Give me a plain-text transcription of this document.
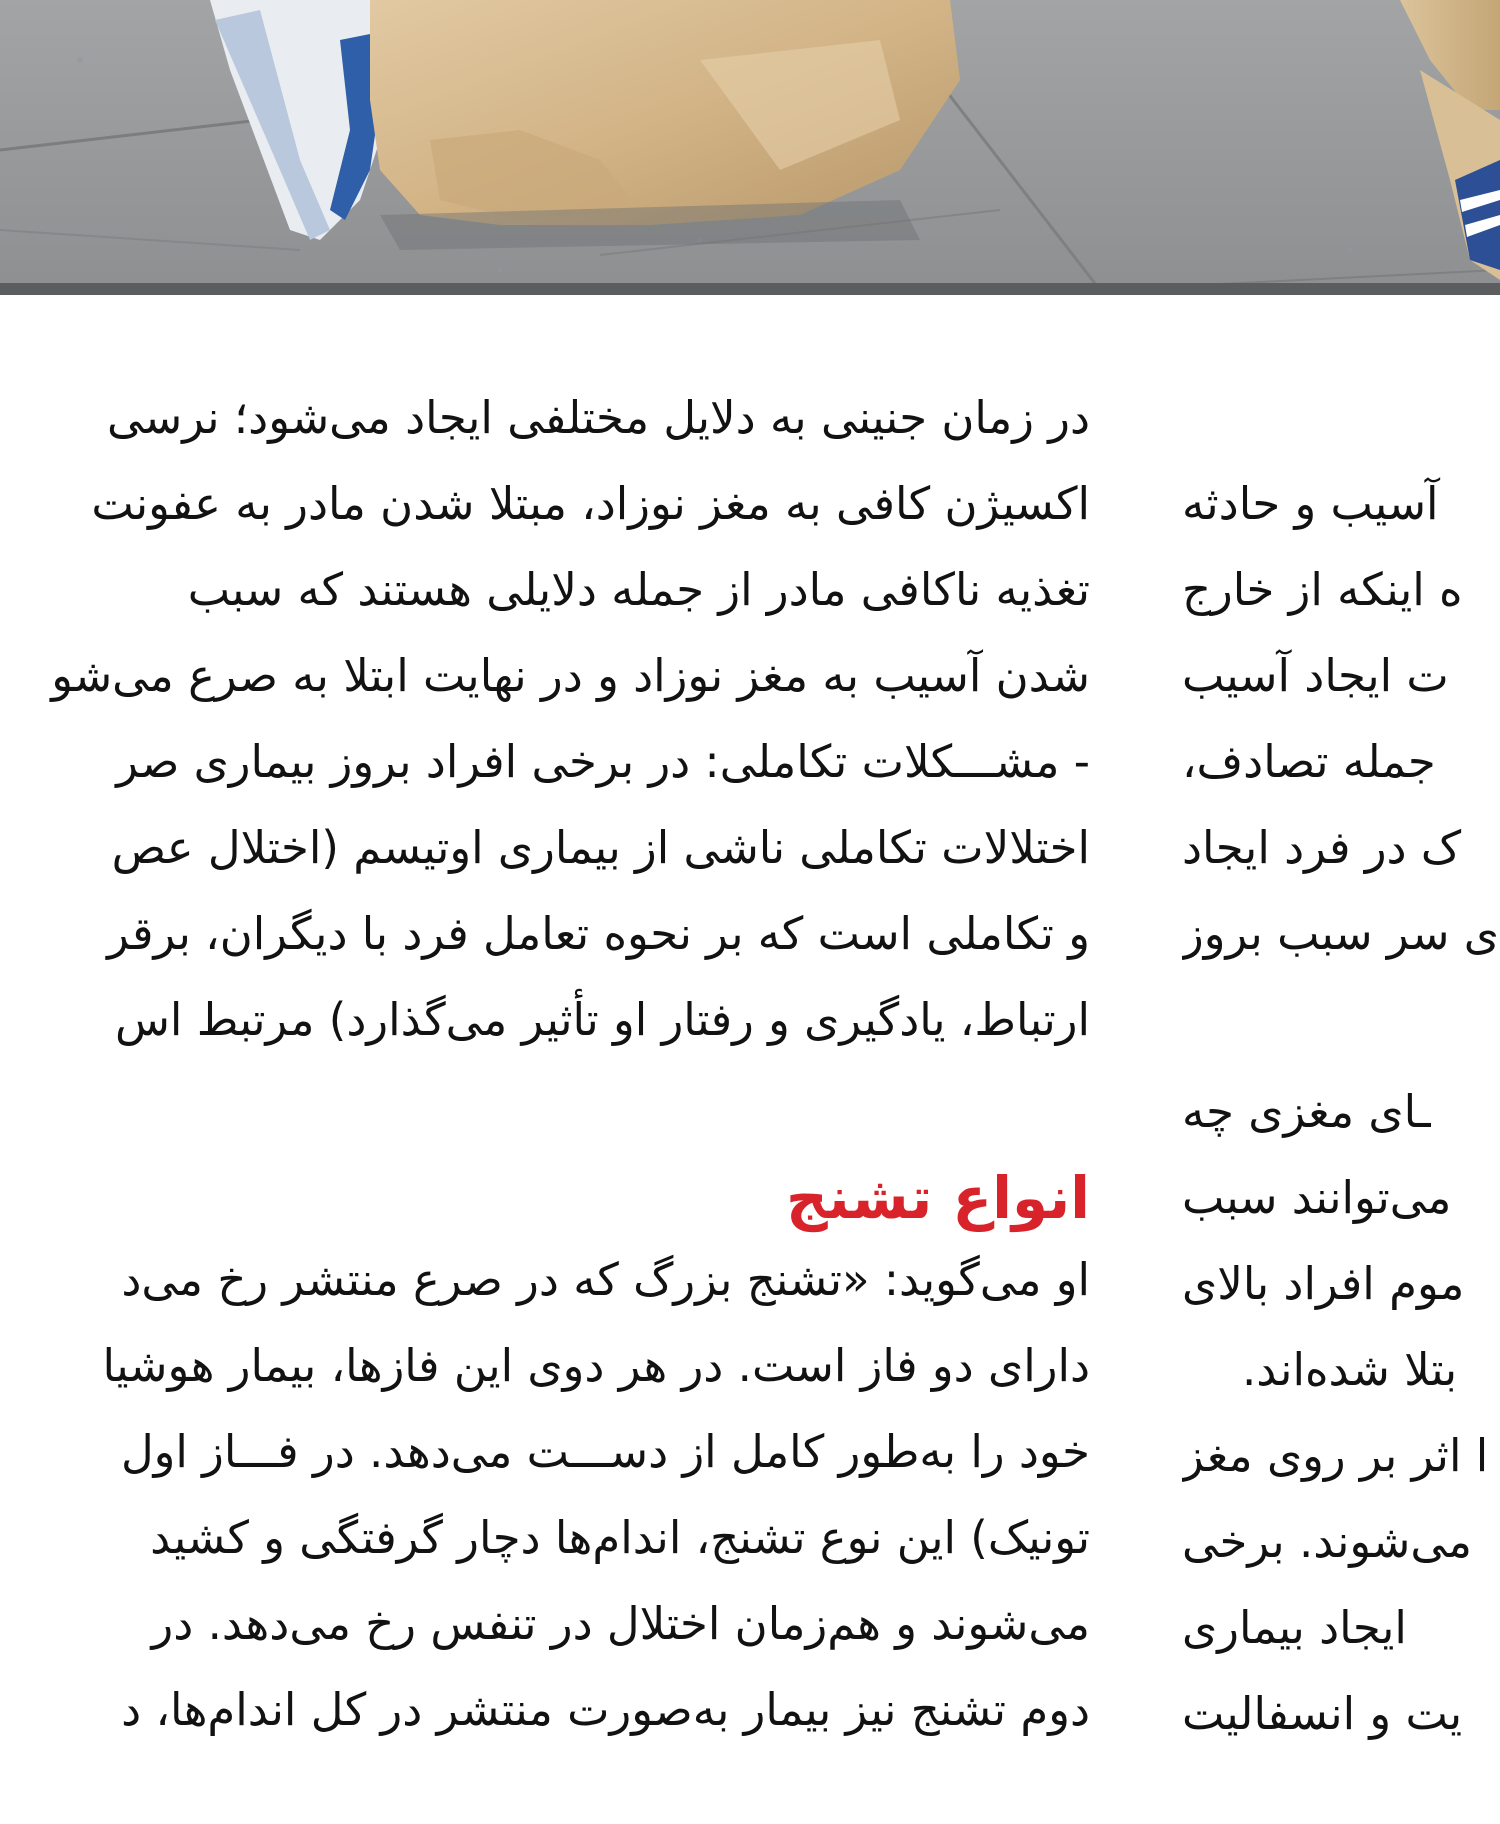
در زمان جنینی به دلایل مختلفی ایجاد می‌شود؛ نرسی
اکسیژن کافی به مغز نوزاد، مبتلا شدن مادر به عفونت
تغذیه ناکافی مادر از جمله دلایلی هستند که سبب
شدن آسیب به مغز نوزاد و در نهایت ابتلا به صرع می‌شو
- مشـــکلات تکاملی: در برخی افراد بروز بیماری صر
اختلالات تکاملی ناشی از بیماری اوتیسم (اختلال عص
و تکاملی است که بر نحوه تعامل فرد با دیگران، برقر
ارتباط، یادگیری و رفتار او تأثیر می‌گذارد) مرتبط اس
انواع تشنج
او می‌گوید: «تشنج بزرگ که در صرع منتشر رخ می‌د
دارای دو فاز است. در هر دوی این فازها، بیمار هوشیا
خود را به‌طور کامل از دســـت می‌دهد. در فـــاز اول
تونیک) این نوع تشنج، اندام‌ها دچار گرفتگی و کشید
می‌شوند و هم‌زمان اختلال در تنفس رخ می‌دهد. در
دوم تشنج نیز بیمار به‌صورت منتشر در کل اندام‌ها، د
آسیب و حادثه
ه اینکه از خارج
ت ایجاد آسیب
جمله تصادف،
ک در فرد ایجاد
ی سر سبب بروز
ـای مغزی چه
می‌توانند سبب
موم افراد بالای
بتلا شده‌اند.
ا اثر بر روی مغز
می‌شوند. برخی
ایجاد بیماری
یت و انسفالیت
